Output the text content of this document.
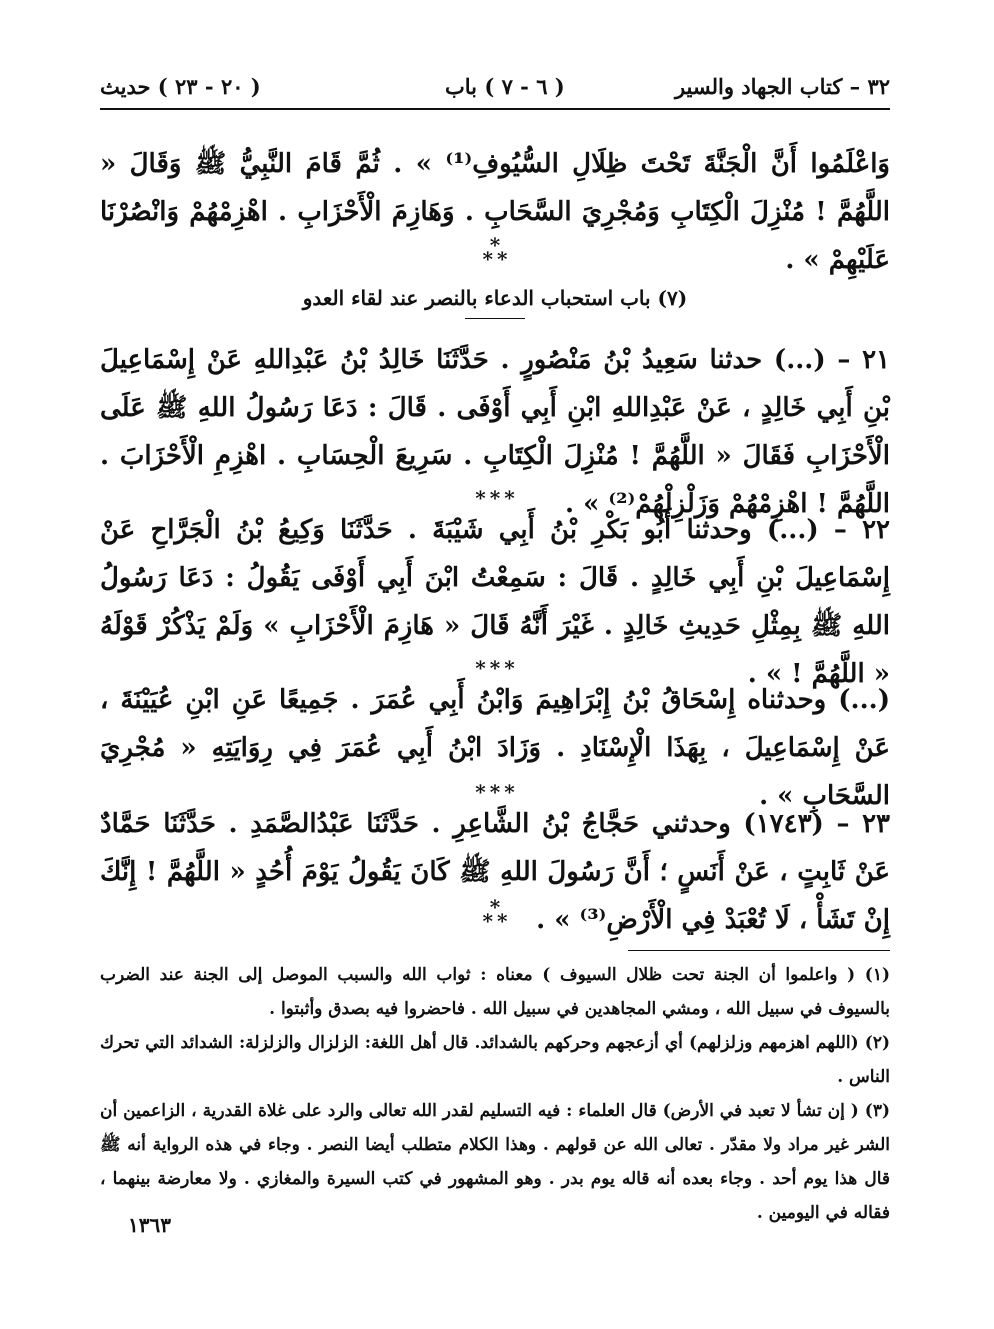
٣٢ – كتاب الجهاد والسير
( ٦ - ٧ ) باب
( ٢٠ - ٢٣ ) حديث
وَاعْلَمُوا أَنَّ الْجَنَّةَ تَحْتَ ظِلَالِ السُّيُوفِ⁽¹⁾ » . ثُمَّ قَامَ النَّبِيُّ ﷺ وَقَالَ « اللَّهُمَّ ! مُنْزِلَ الْكِتَابِ وَمُجْرِيَ السَّحَابِ . وَهَازِمَ الْأَحْزَابِ . اهْزِمْهُمْ وَانْصُرْنَا عَلَيْهِمْ » .
*
**
(٧) باب استحباب الدعاء بالنصر عند لقاء العدو
٢١ – (...) حدثنا سَعِيدُ بْنُ مَنْصُورٍ . حَدَّثَنَا خَالِدُ بْنُ عَبْدِاللهِ عَنْ إِسْمَاعِيلَ بْنِ أَبِي خَالِدٍ ، عَنْ عَبْدِاللهِ ابْنِ أَبِي أَوْفَى . قَالَ : دَعَا رَسُولُ اللهِ ﷺ عَلَى الْأَحْزَابِ فَقَالَ « اللَّهُمَّ ! مُنْزِلَ الْكِتَابِ . سَرِيعَ الْحِسَابِ . اهْزِمِ الْأَحْزَابَ . اللَّهُمَّ ! اهْزِمْهُمْ وَزَلْزِلْهُمْ⁽²⁾ » .
***
٢٢ – (...) وحدثنا أَبُو بَكْرِ بْنُ أَبِي شَيْبَةَ . حَدَّثَنَا وَكِيعُ بْنُ الْجَرَّاحِ عَنْ إِسْمَاعِيلَ بْنِ أَبِي خَالِدٍ . قَالَ : سَمِعْتُ ابْنَ أَبِي أَوْفَى يَقُولُ : دَعَا رَسُولُ اللهِ ﷺ بِمِثْلِ حَدِيثِ خَالِدٍ . غَيْرَ أَنَّهُ قَالَ « هَازِمَ الْأَحْزَابِ » وَلَمْ يَذْكُرْ قَوْلَهُ « اللَّهُمَّ ! » .
***
(...) وحدثناه إِسْحَاقُ بْنُ إِبْرَاهِيمَ وَابْنُ أَبِي عُمَرَ . جَمِيعًا عَنِ ابْنِ عُيَيْنَةَ ، عَنْ إِسْمَاعِيلَ ، بِهَذَا الْإِسْنَادِ . وَزَادَ ابْنُ أَبِي عُمَرَ فِي رِوَايَتِهِ « مُجْرِيَ السَّحَابِ » .
***
٢٣ – (١٧٤٣) وحدثني حَجَّاجُ بْنُ الشَّاعِرِ . حَدَّثَنَا عَبْدُالصَّمَدِ . حَدَّثَنَا حَمَّادٌ عَنْ ثَابِتٍ ، عَنْ أَنَسٍ ؛ أَنَّ رَسُولَ اللهِ ﷺ كَانَ يَقُولُ يَوْمَ أُحُدٍ « اللَّهُمَّ ! إِنَّكَ إِنْ تَشَأْ ، لَا تُعْبَدْ فِي الْأَرْضِ⁽³⁾ » .
*
**

(١) ( واعلموا أن الجنة تحت ظلال السيوف ) معناه : ثواب الله والسبب الموصل إلى الجنة عند الضرب بالسيوف في سبيل الله ، ومشي المجاهدين في سبيل الله . فاحضروا فيه بصدق وأثبتوا .

(٢) (اللهم اهزمهم وزلزلهم) أي أزعجهم وحركهم بالشدائد. قال أهل اللغة: الزلزال والزلزلة: الشدائد التي تحرك الناس .

(٣) ( إن تشأ لا تعبد في الأرض) قال العلماء : فيه التسليم لقدر الله تعالى والرد على غلاة القدرية ، الزاعمين أن الشر غير مراد ولا مقدّر . تعالى الله عن قولهم . وهذا الكلام متطلب أيضا النصر . وجاء في هذه الرواية أنه ﷺ قال هذا يوم أحد . وجاء بعده أنه قاله يوم بدر . وهو المشهور في كتب السيرة والمغازي . ولا معارضة بينهما ، فقاله في اليومين .

١٣٦٣
